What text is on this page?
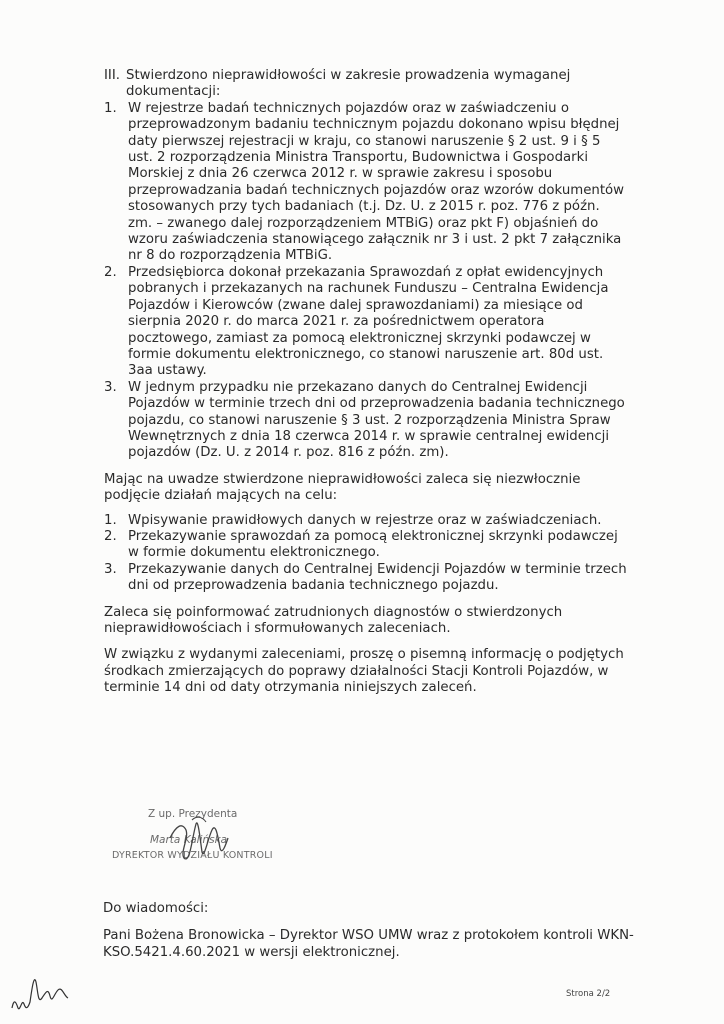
III. Stwierdzono nieprawidłowości w zakresie prowadzenia wymaganej
dokumentacji:
1. W rejestrze badań technicznych pojazdów oraz w zaświadczeniu o przeprowadzonym badaniu technicznym pojazdu dokonano wpisu błędnej daty pierwszej rejestracji w kraju, co stanowi naruszenie § 2 ust. 9 i § 5 ust. 2 rozporządzenia Ministra Transportu, Budownictwa i Gospodarki Morskiej z dnia 26 czerwca 2012 r. w sprawie zakresu i sposobu przeprowadzania badań technicznych pojazdów oraz wzorów dokumentów stosowanych przy tych badaniach (t.j. Dz. U. z 2015 r. poz. 776 z późn. zm. – zwanego dalej rozporządzeniem MTBiG) oraz pkt F) objaśnień do wzoru zaświadczenia stanowiącego załącznik nr 3 i ust. 2 pkt 7 załącznika nr 8 do rozporządzenia MTBiG.
2. Przedsiębiorca dokonał przekazania Sprawozdań z opłat ewidencyjnych pobranych i przekazanych na rachunek Funduszu – Centralna Ewidencja Pojazdów i Kierowców (zwane dalej sprawozdaniami) za miesiące od sierpnia 2020 r. do marca 2021 r. za pośrednictwem operatora pocztowego, zamiast za pomocą elektronicznej skrzynki podawczej w formie dokumentu elektronicznego, co stanowi naruszenie art. 80d ust. 3aa ustawy.
3. W jednym przypadku nie przekazano danych do Centralnej Ewidencji Pojazdów w terminie trzech dni od przeprowadzenia badania technicznego pojazdu, co stanowi naruszenie § 3 ust. 2 rozporządzenia Ministra Spraw Wewnętrznych z dnia 18 czerwca 2014 r. w sprawie centralnej ewidencji pojazdów (Dz. U. z 2014 r. poz. 816 z późn. zm).
Mając na uwadze stwierdzone nieprawidłowości zaleca się niezwłocznie podjęcie działań mających na celu:
1. Wpisywanie prawidłowych danych w rejestrze oraz w zaświadczeniach.
2. Przekazywanie sprawozdań za pomocą elektronicznej skrzynki podawczej w formie dokumentu elektronicznego.
3. Przekazywanie danych do Centralnej Ewidencji Pojazdów w terminie trzech dni od przeprowadzenia badania technicznego pojazdu.
Zaleca się poinformować zatrudnionych diagnostów o stwierdzonych nieprawidłowościach i sformułowanych zaleceniach.
W związku z wydanymi zaleceniami, proszę o pisemną informację o podjętych środkach zmierzających do poprawy działalności Stacji Kontroli Pojazdów, w terminie 14 dni od daty otrzymania niniejszych zaleceń.
Z up. Prezydenta
Marta Kalińska
DYREKTOR WYDZIAŁU KONTROLI
Do wiadomości:
Pani Bożena Bronowicka – Dyrektor WSO UMW wraz z protokołem kontroli WKN-KSO.5421.4.60.2021 w wersji elektronicznej.
Strona 2/2
